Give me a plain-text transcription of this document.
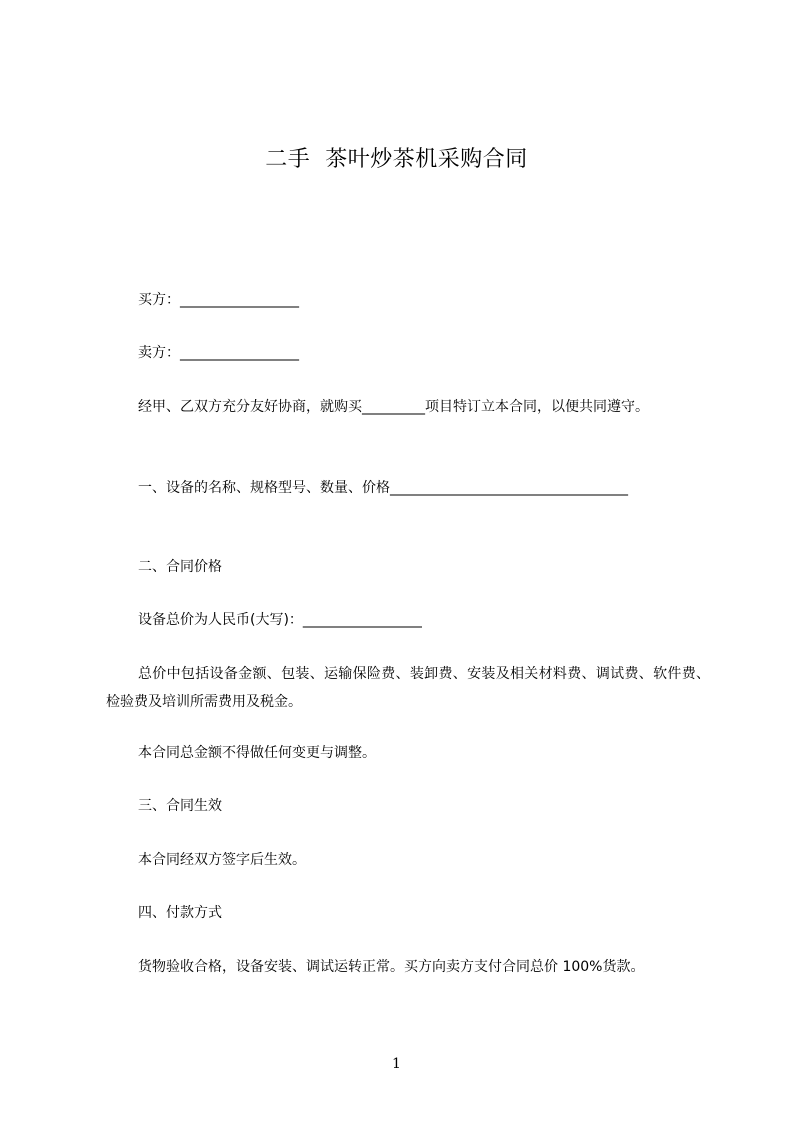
二手  茶叶炒茶机采购合同
买方：_________________
卖方：_________________
经甲、乙双方充分友好协商，就购买_________项目特订立本合同，以便共同遵守。
一、设备的名称、规格型号、数量、价格__________________________________
二、合同价格
设备总价为人民币(大写)：_________________
总价中包括设备金额、包装、运输保险费、装卸费、安装及相关材料费、调试费、软件费、检验费及培训所需费用及税金。
本合同总金额不得做任何变更与调整。
三、合同生效
本合同经双方签字后生效。
四、付款方式
货物验收合格，设备安装、调试运转正常。买方向卖方支付合同总价 100%货款。
1
